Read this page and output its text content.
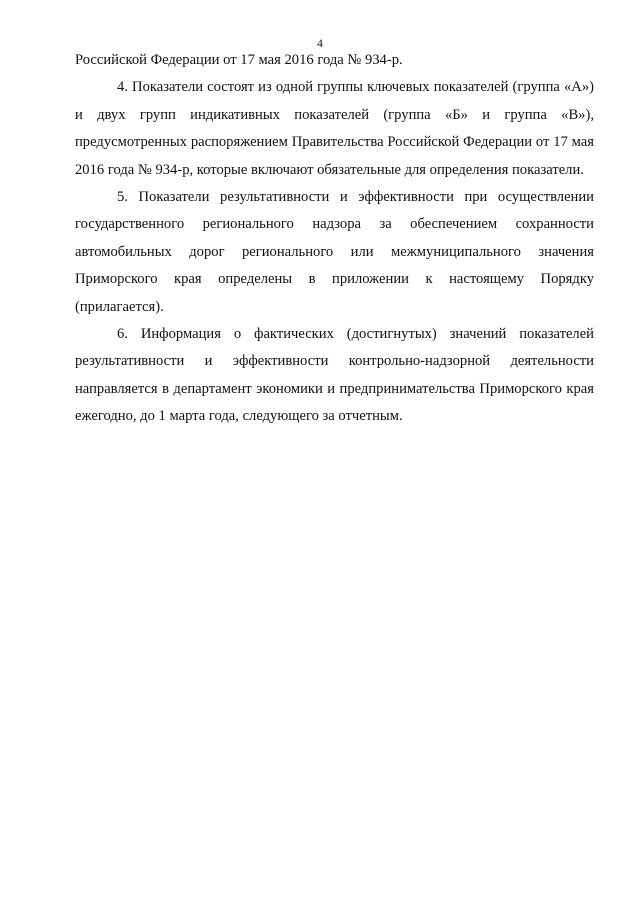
4

Российской Федерации от 17 мая 2016 года № 934-р.

4. Показатели состоят из одной группы ключевых показателей (группа «А») и двух групп индикативных показателей (группа «Б» и группа «В»), предусмотренных распоряжением Правительства Российской Федерации от 17 мая 2016 года № 934-р, которые включают обязательные для определения показатели.

5. Показатели результативности и эффективности при осуществлении государственного регионального надзора за обеспечением сохранности автомобильных дорог регионального или межмуниципального значения Приморского края определены в приложении к настоящему Порядку (прилагается).

6. Информация о фактических (достигнутых) значений показателей результативности и эффективности контрольно-надзорной деятельности направляется в департамент экономики и предпринимательства Приморского края ежегодно, до 1 марта года, следующего за отчетным.
